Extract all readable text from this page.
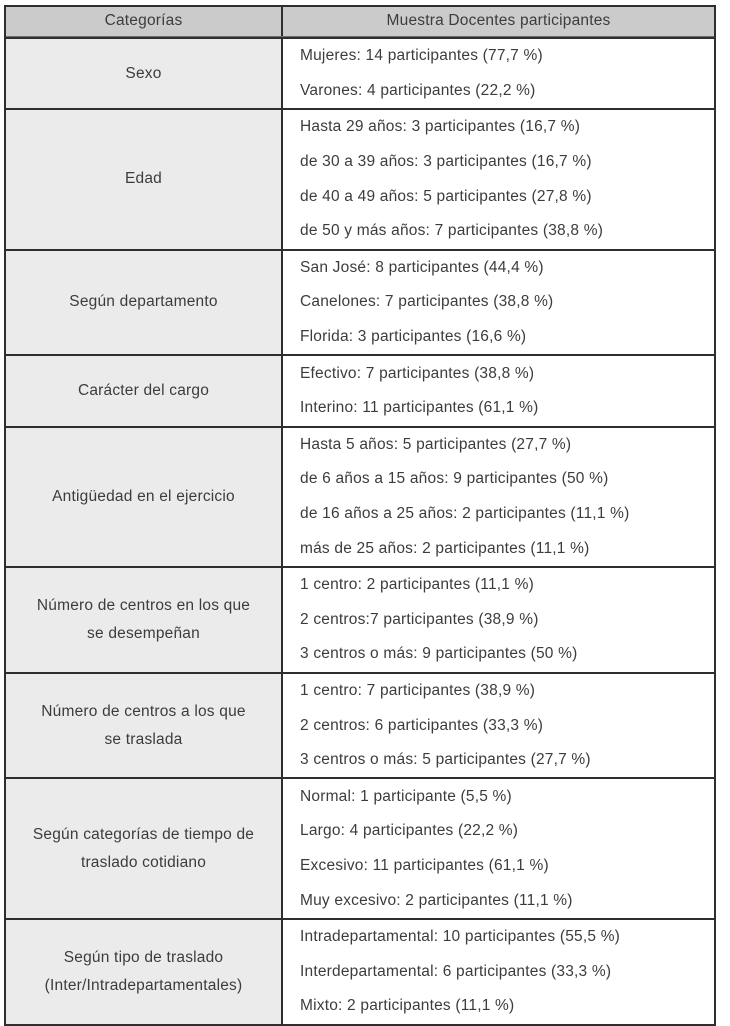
Categorías	Muestra Docentes participantes
Sexo
Mujeres: 14 participantes (77,7 %)
Varones: 4 participantes (22,2 %)
Edad
Hasta 29 años: 3 participantes (16,7 %)
de 30 a 39 años: 3 participantes (16,7 %)
de 40 a 49 años: 5 participantes (27,8 %)
de 50 y más años: 7 participantes (38,8 %)
Según departamento
San José: 8 participantes (44,4 %)
Canelones: 7 participantes (38,8 %)
Florida: 3 participantes (16,6 %)
Carácter del cargo
Efectivo: 7 participantes (38,8 %)
Interino: 11 participantes (61,1 %)
Antigüedad en el ejercicio
Hasta 5 años: 5 participantes (27,7 %)
de 6 años a 15 años: 9 participantes (50 %)
de 16 años a 25 años: 2 participantes (11,1 %)
más de 25 años: 2 participantes (11,1 %)
Número de centros en los que se desempeñan
1 centro: 2 participantes (11,1 %)
2 centros:7 participantes (38,9 %)
3 centros o más: 9 participantes (50 %)
Número de centros a los que se traslada
1 centro: 7 participantes (38,9 %)
2 centros: 6 participantes (33,3 %)
3 centros o más: 5 participantes (27,7 %)
Según categorías de tiempo de traslado cotidiano
Normal: 1 participante (5,5 %)
Largo: 4 participantes (22,2 %)
Excesivo: 11 participantes (61,1 %)
Muy excesivo: 2 participantes (11,1 %)
Según tipo de traslado (Inter/Intradepartamentales)
Intradepartamental: 10 participantes (55,5 %)
Interdepartamental: 6 participantes (33,3 %)
Mixto: 2 participantes (11,1 %)
